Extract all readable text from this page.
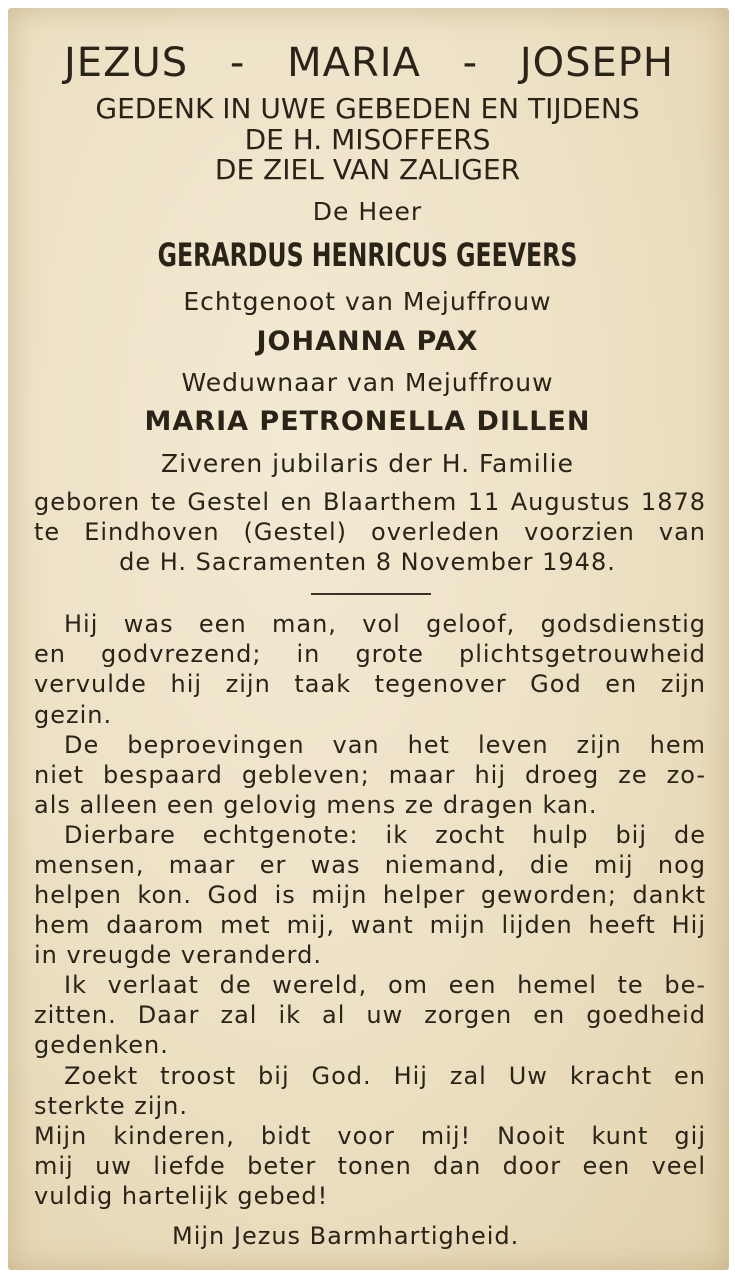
JEZUS - MARIA - JOSEPH
GEDENK IN UWE GEBEDEN EN TIJDENS
DE H. MISOFFERS
DE ZIEL VAN ZALIGER
De Heer
GERARDUS HENRICUS GEEVERS
Echtgenoot van Mejuffrouw
JOHANNA PAX
Weduwnaar van Mejuffrouw
MARIA PETRONELLA DILLEN
Ziveren jubilaris der H. Familie
geboren te Gestel en Blaarthem 11 Augustus 1878
te Eindhoven (Gestel) overleden voorzien van
de H. Sacramenten 8 November 1948.
Hij was een man, vol geloof, godsdienstig
en godvrezend; in grote plichtsgetrouwheid
vervulde hij zijn taak tegenover God en zijn
gezin.
De beproevingen van het leven zijn hem
niet bespaard gebleven; maar hij droeg ze zo-
als alleen een gelovig mens ze dragen kan.
Dierbare echtgenote: ik zocht hulp bij de
mensen, maar er was niemand, die mij nog
helpen kon. God is mijn helper geworden; dankt
hem daarom met mij, want mijn lijden heeft Hij
in vreugde veranderd.
Ik verlaat de wereld, om een hemel te be-
zitten. Daar zal ik al uw zorgen en goedheid
gedenken.
Zoekt troost bij God. Hij zal Uw kracht en
sterkte zijn.
Mijn kinderen, bidt voor mij! Nooit kunt gij
mij uw liefde beter tonen dan door een veel
vuldig hartelijk gebed!
Mijn Jezus Barmhartigheid.
